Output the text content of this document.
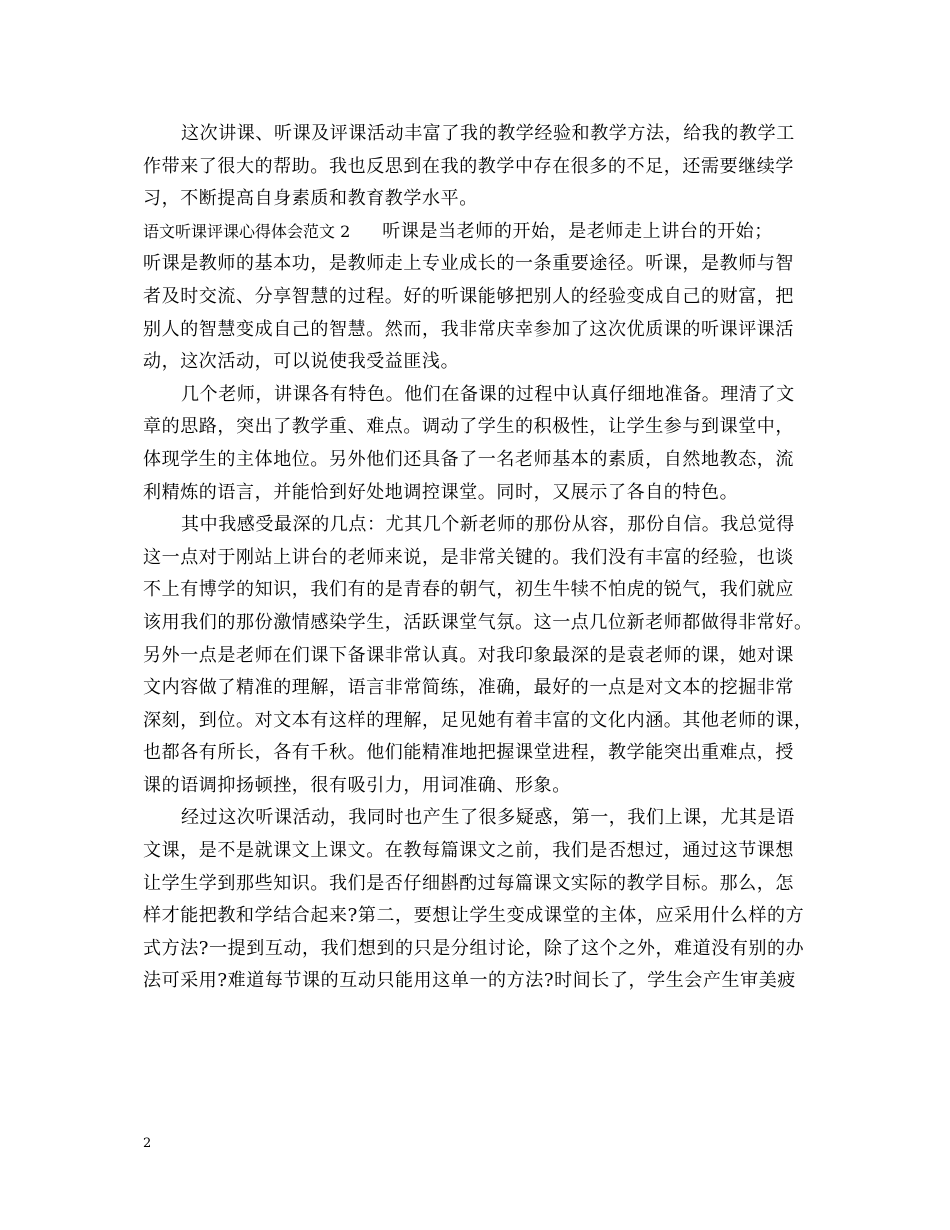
这次讲课、听课及评课活动丰富了我的教学经验和教学方法，给我的教学工
作带来了很大的帮助。我也反思到在我的教学中存在很多的不足，还需要继续学
习，不断提高自身素质和教育教学水平。
语文听课评课心得体会范文 2 听课是当老师的开始，是老师走上讲台的开始；
听课是教师的基本功，是教师走上专业成长的一条重要途径。听课，是教师与智
者及时交流、分享智慧的过程。好的听课能够把别人的经验变成自己的财富，把
别人的智慧变成自己的智慧。然而，我非常庆幸参加了这次优质课的听课评课活
动，这次活动，可以说使我受益匪浅。
几个老师，讲课各有特色。他们在备课的过程中认真仔细地准备。理清了文
章的思路，突出了教学重、难点。调动了学生的积极性，让学生参与到课堂中，
体现学生的主体地位。另外他们还具备了一名老师基本的素质，自然地教态，流
利精炼的语言，并能恰到好处地调控课堂。同时，又展示了各自的特色。
其中我感受最深的几点：尤其几个新老师的那份从容，那份自信。我总觉得
这一点对于刚站上讲台的老师来说，是非常关键的。我们没有丰富的经验，也谈
不上有博学的知识，我们有的是青春的朝气，初生牛犊不怕虎的锐气，我们就应
该用我们的那份激情感染学生，活跃课堂气氛。这一点几位新老师都做得非常好。
另外一点是老师在们课下备课非常认真。对我印象最深的是袁老师的课，她对课
文内容做了精准的理解，语言非常简练，准确，最好的一点是对文本的挖掘非常
深刻，到位。对文本有这样的理解，足见她有着丰富的文化内涵。其他老师的课，
也都各有所长，各有千秋。他们能精准地把握课堂进程，教学能突出重难点，授
课的语调抑扬顿挫，很有吸引力，用词准确、形象。
经过这次听课活动，我同时也产生了很多疑惑，第一，我们上课，尤其是语
文课，是不是就课文上课文。在教每篇课文之前，我们是否想过，通过这节课想
让学生学到那些知识。我们是否仔细斟酌过每篇课文实际的教学目标。那么，怎
样才能把教和学结合起来?第二，要想让学生变成课堂的主体，应采用什么样的方
式方法?一提到互动，我们想到的只是分组讨论，除了这个之外，难道没有别的办
法可采用?难道每节课的互动只能用这单一的方法?时间长了，学生会产生审美疲
2
